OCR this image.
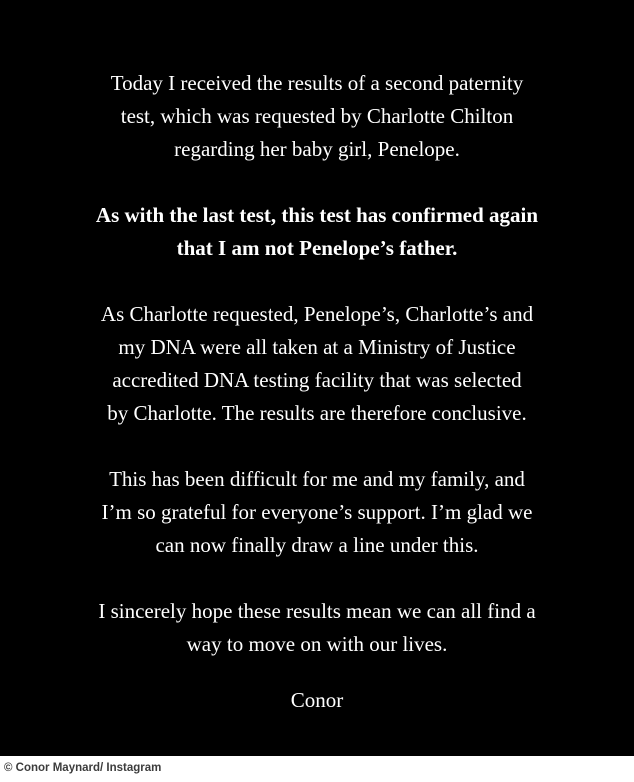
Today I received the results of a second paternity
test, which was requested by Charlotte Chilton
regarding her baby girl, Penelope.

As with the last test, this test has confirmed again
that I am not Penelope’s father.

As Charlotte requested, Penelope’s, Charlotte’s and
my DNA were all taken at a Ministry of Justice
accredited DNA testing facility that was selected
by Charlotte. The results are therefore conclusive.

This has been difficult for me and my family, and
I’m so grateful for everyone’s support. I’m glad we
can now finally draw a line under this.

I sincerely hope these results mean we can all find a
way to move on with our lives.

Conor

© Conor Maynard/ Instagram
